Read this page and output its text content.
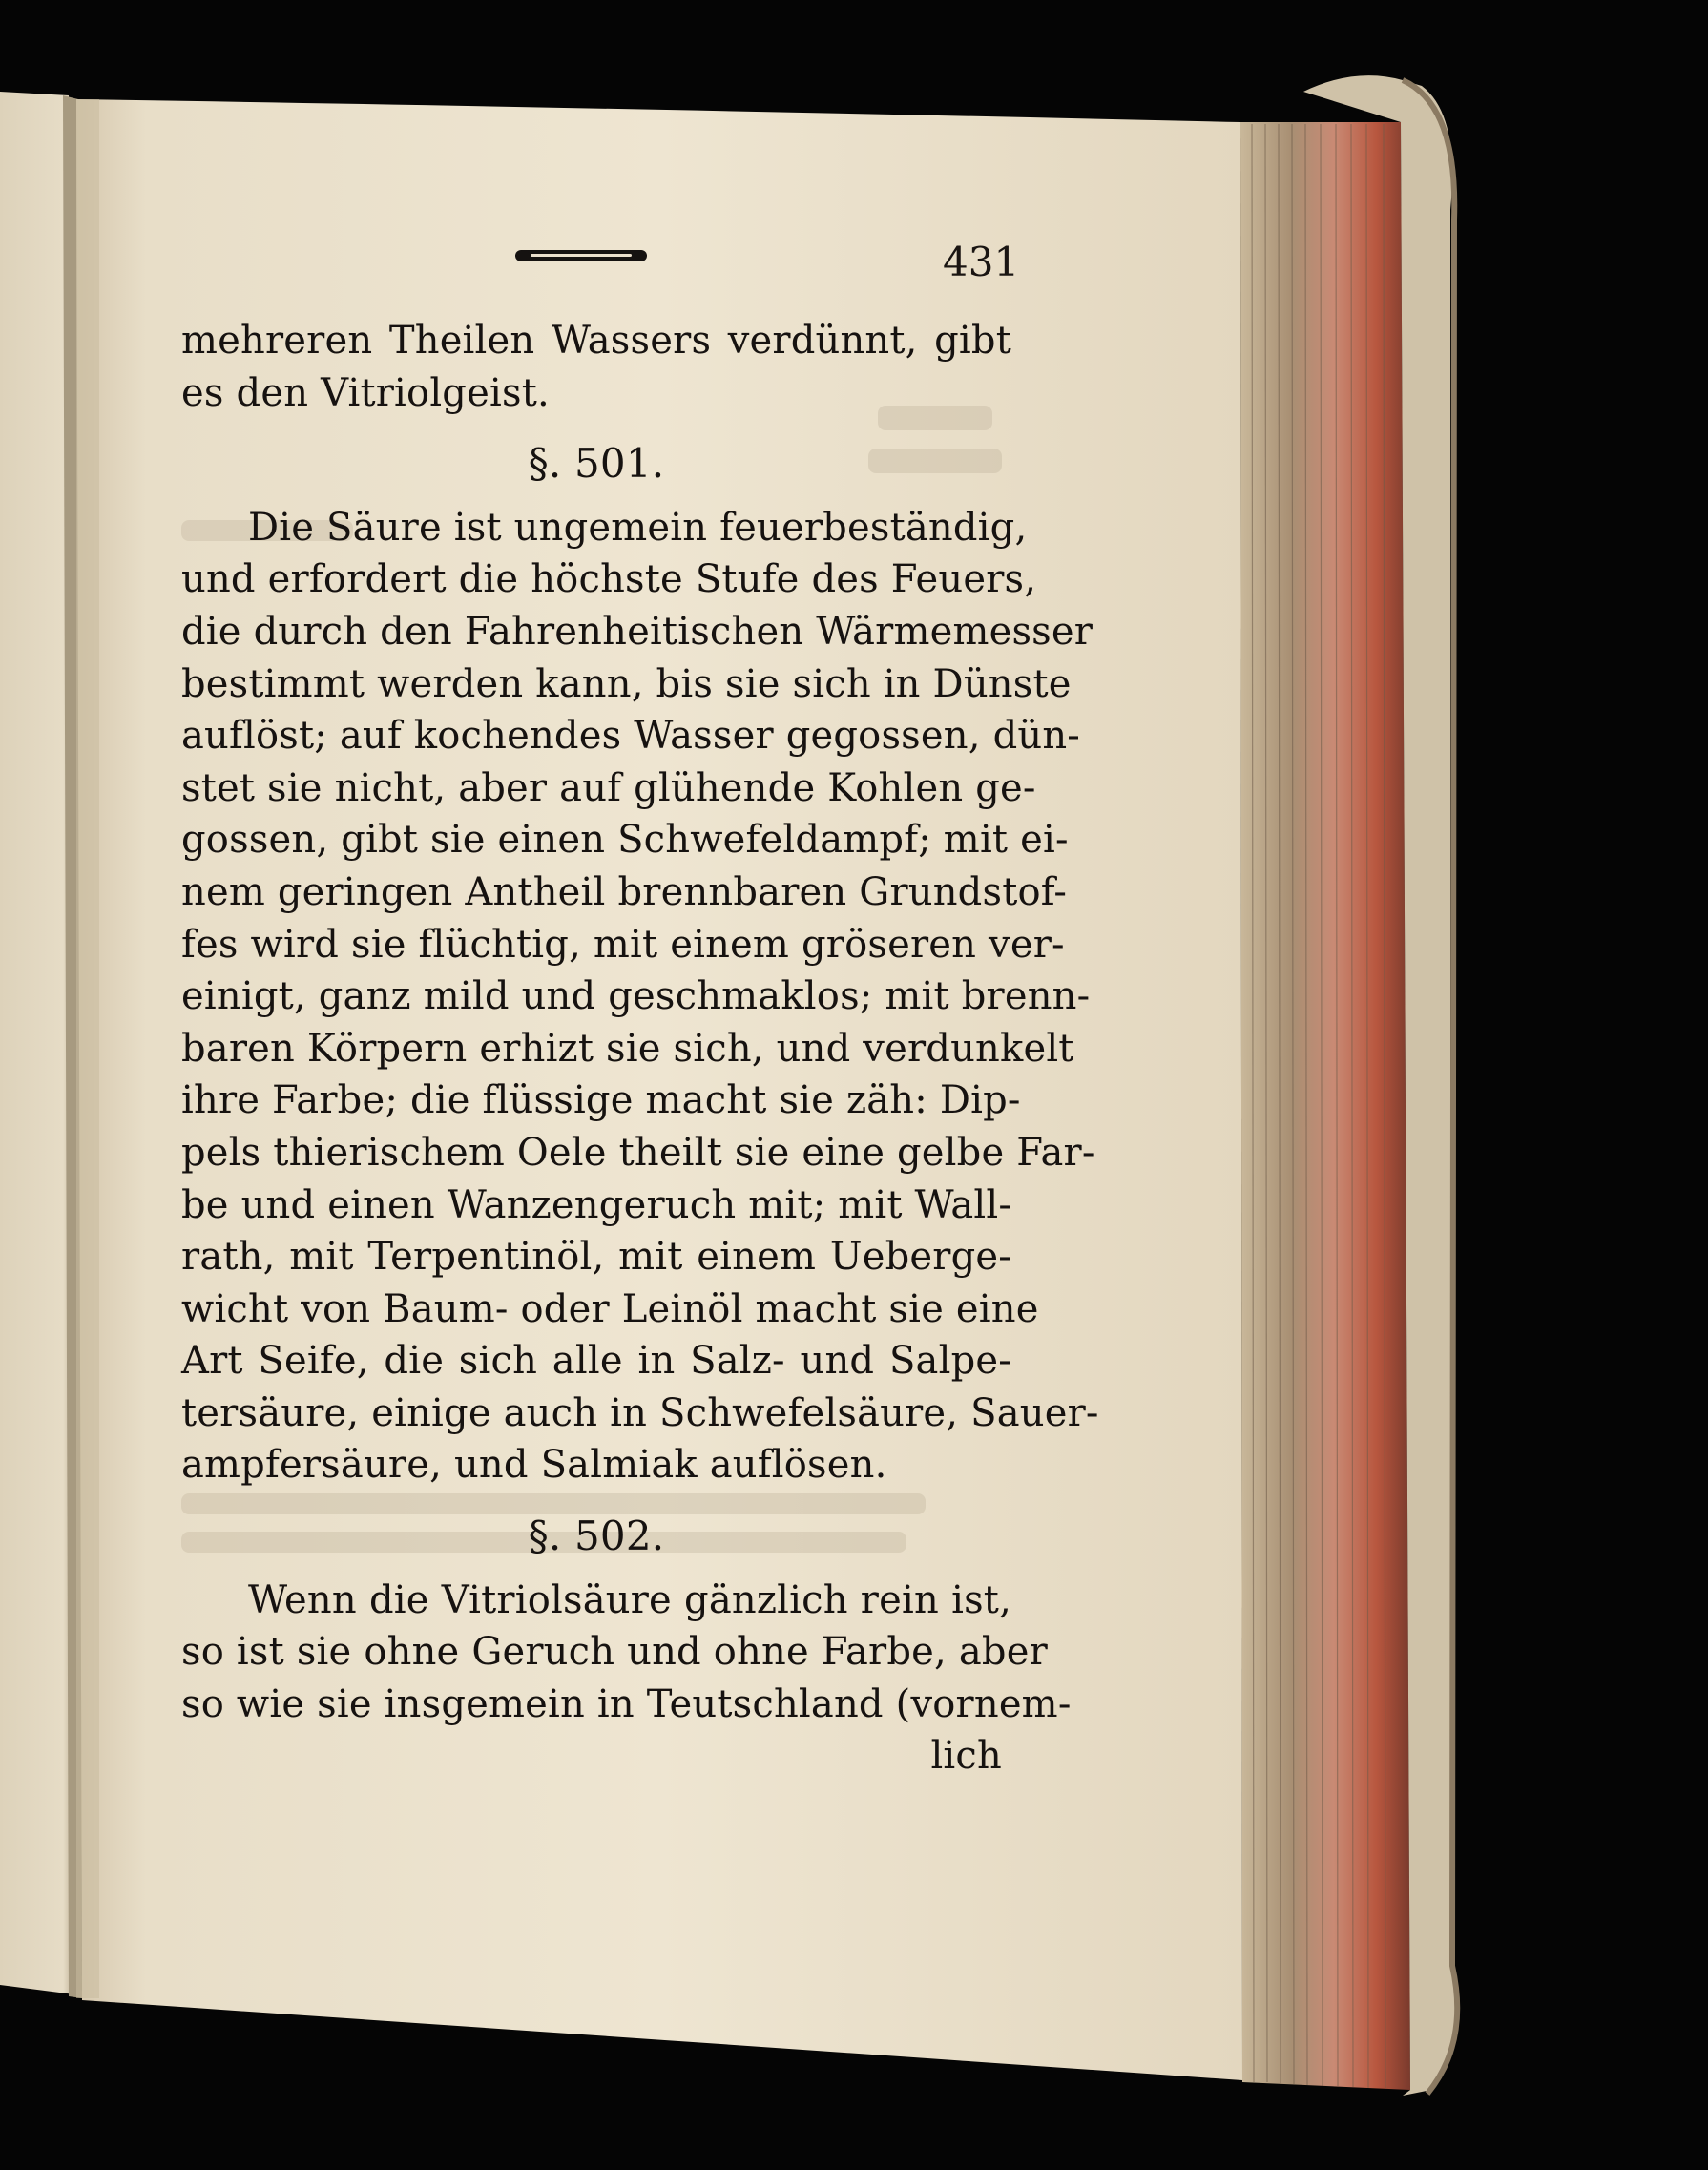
431
mehreren Theilen Wassers verdünnt, gibt
es den Vitriolgeist.
§. 501.
Die Säure ist ungemein feuerbeständig,
und erfordert die höchste Stufe des Feuers,
die durch den Fahrenheitischen Wärmemesser
bestimmt werden kann, bis sie sich in Dünste
auflöst; auf kochendes Wasser gegossen, dün-
stet sie nicht, aber auf glühende Kohlen ge-
gossen, gibt sie einen Schwefeldampf; mit ei-
nem geringen Antheil brennbaren Grundstof-
fes wird sie flüchtig, mit einem gröseren ver-
einigt, ganz mild und geschmaklos; mit brenn-
baren Körpern erhizt sie sich, und verdunkelt
ihre Farbe; die flüssige macht sie zäh: Dip-
pels thierischem Oele theilt sie eine gelbe Far-
be und einen Wanzengeruch mit; mit Wall-
rath, mit Terpentinöl, mit einem Ueberge-
wicht von Baum- oder Leinöl macht sie eine
Art Seife, die sich alle in Salz- und Salpe-
tersäure, einige auch in Schwefelsäure, Sauer-
ampfersäure, und Salmiak auflösen.
§. 502.
Wenn die Vitriolsäure gänzlich rein ist,
so ist sie ohne Geruch und ohne Farbe, aber
so wie sie insgemein in Teutschland (vornem-
lich
